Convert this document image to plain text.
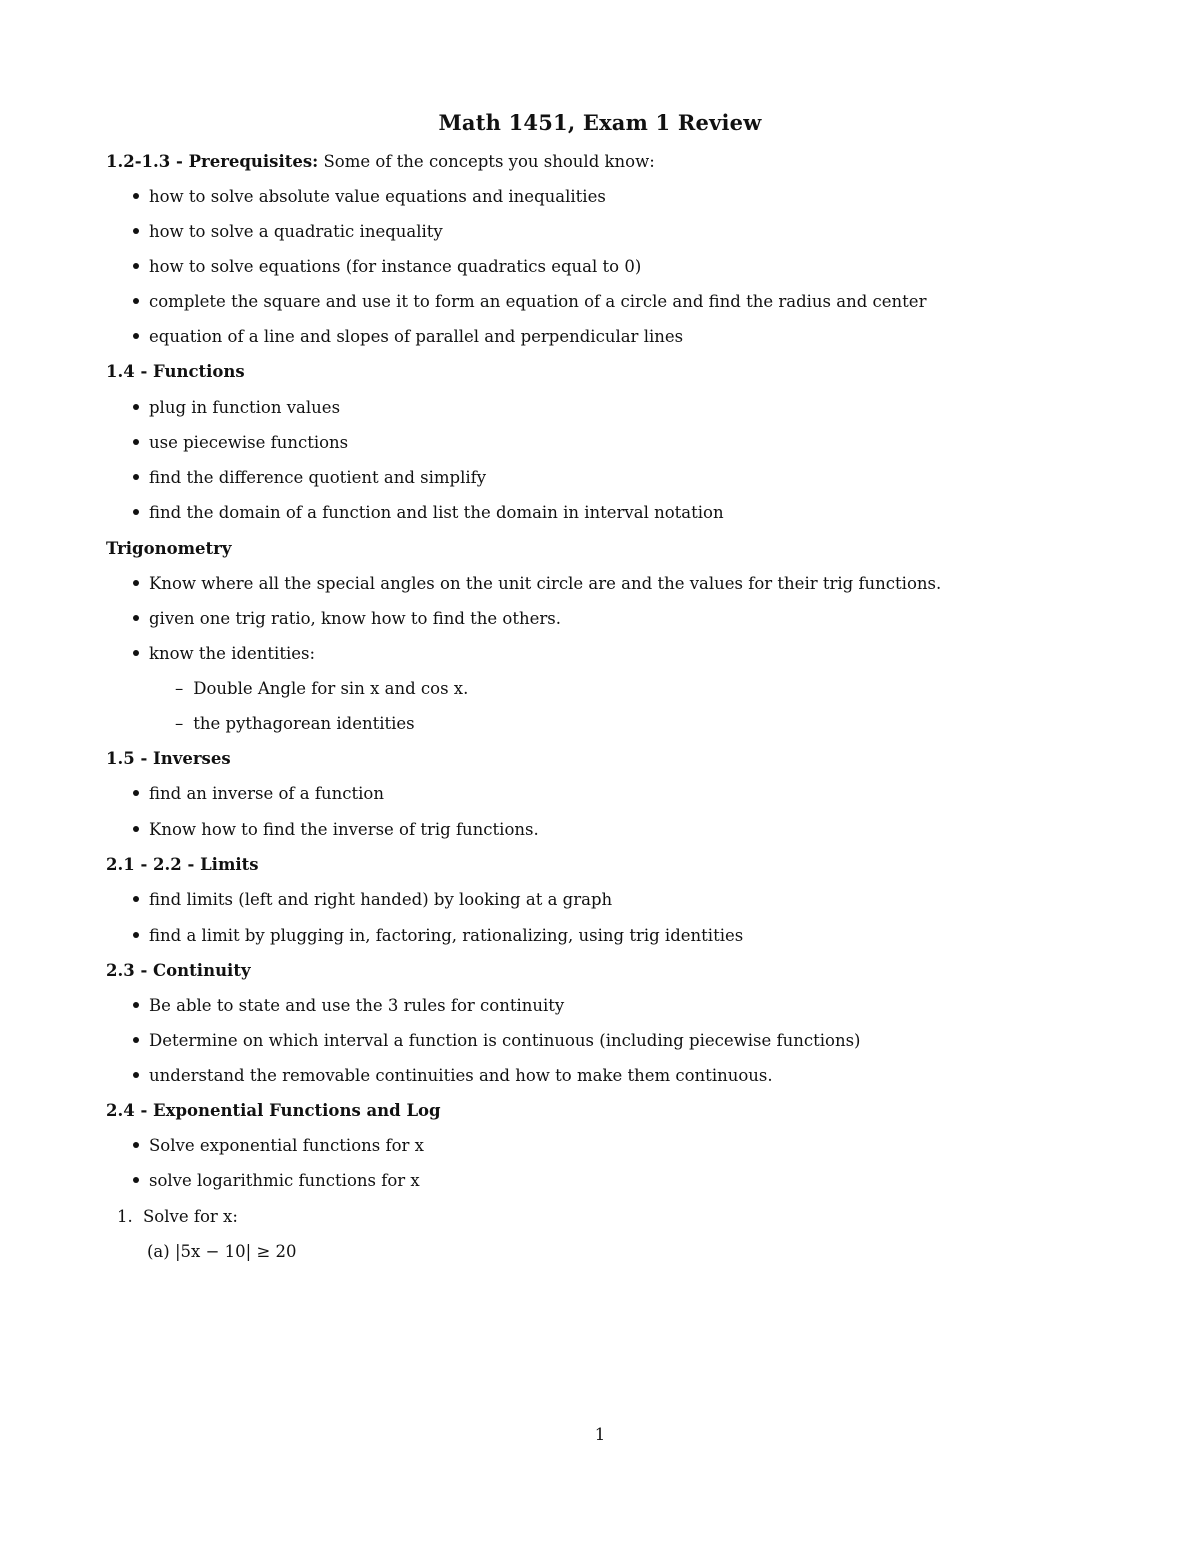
Math 1451, Exam 1 Review
1.2-1.3 - Prerequisites: Some of the concepts you should know:
how to solve absolute value equations and inequalities
how to solve a quadratic inequality
how to solve equations (for instance quadratics equal to 0)
complete the square and use it to form an equation of a circle and find the radius and center
equation of a line and slopes of parallel and perpendicular lines
1.4 - Functions
plug in function values
use piecewise functions
find the difference quotient and simplify
find the domain of a function and list the domain in interval notation
Trigonometry
Know where all the special angles on the unit circle are and the values for their trig functions.
given one trig ratio, know how to find the others.
know the identities:
– Double Angle for sin x and cos x.
– the pythagorean identities
1.5 - Inverses
find an inverse of a function
Know how to find the inverse of trig functions.
2.1 - 2.2 - Limits
find limits (left and right handed) by looking at a graph
find a limit by plugging in, factoring, rationalizing, using trig identities
2.3 - Continuity
Be able to state and use the 3 rules for continuity
Determine on which interval a function is continuous (including piecewise functions)
understand the removable continuities and how to make them continuous.
2.4 - Exponential Functions and Log
Solve exponential functions for x
solve logarithmic functions for x
1. Solve for x:
(a) |5x − 10| ≥ 20
1
